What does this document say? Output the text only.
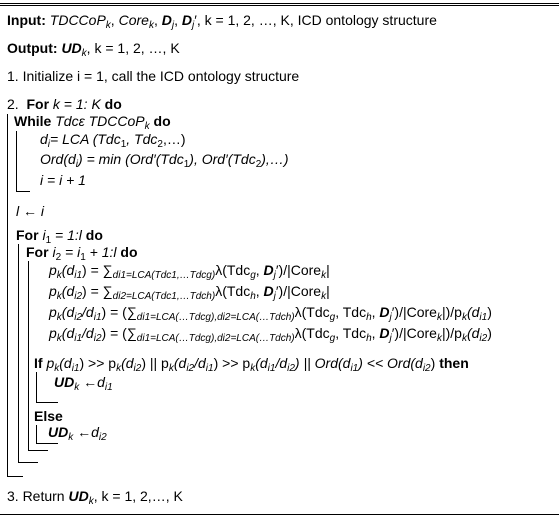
Input: TDCCoP$_k$, Core$_k$, $D_j$, $D_j'$, k = 1, 2, …, K, ICD ontology structure
Output: $UD_k$, k = 1, 2, …, K
1. Initialize i = 1, call the ICD ontology structure
2. For k = 1: K do
While Tdcε TDCCoP$_k$ do
$d_i=$ LCA (Tdc$_1$, Tdc$_2$,…)
$Ord(d_i) = \min (Ord'(Tdc_1)$, Ord′(Tdc$_2$),…)
i = i + 1
l ← i
For $i_1$ = 1:l do
For $i_2 = i_1$ + 1:l do
$p_k(d_{i1}) = \sum_{di1=LCA(Tdc1,\dots Tdcg)}\lambda(Tdc_g$, $D_j')/|Core_k|$
$p_k(d_{i2}) = \sum_{di2=LCA(Tdc1,\dots Tdch)}\lambda(Tdc_h$, $D_j')/|Core_k|$
$p_k(d_{i2}/d_{i1}) = (\sum_{di1=LCA(\dots Tdcg),di2=LCA(\dots Tdch)}\lambda(Tdc_g$, Tdc$_h$, $D_j')/|Core_k|)/p_k(d_{i1})$
$p_k(d_{i1}/d_{i2}) = (\sum_{di1=LCA(\dots Tdcg),di2=LCA(\dots Tdch)}\lambda(Tdc_g$, Tdc$_h$, $D_j')/|Core_k|)/p_k(d_{i2})$
If $p_k(d_{i1}) >> p_k(d_{i2})$ || $p_k(d_{i2}/d_{i1}) >> p_k(d_{i1}/d_{i2})$ || $Ord(d_{i1}) << Ord(d_{i2})$ then
$UD_k$ $\leftarrow d_{i1}$
Else
$UD_k$ $\leftarrow d_{i2}$
3. Return $UD_k$, k = 1, 2,…, K
